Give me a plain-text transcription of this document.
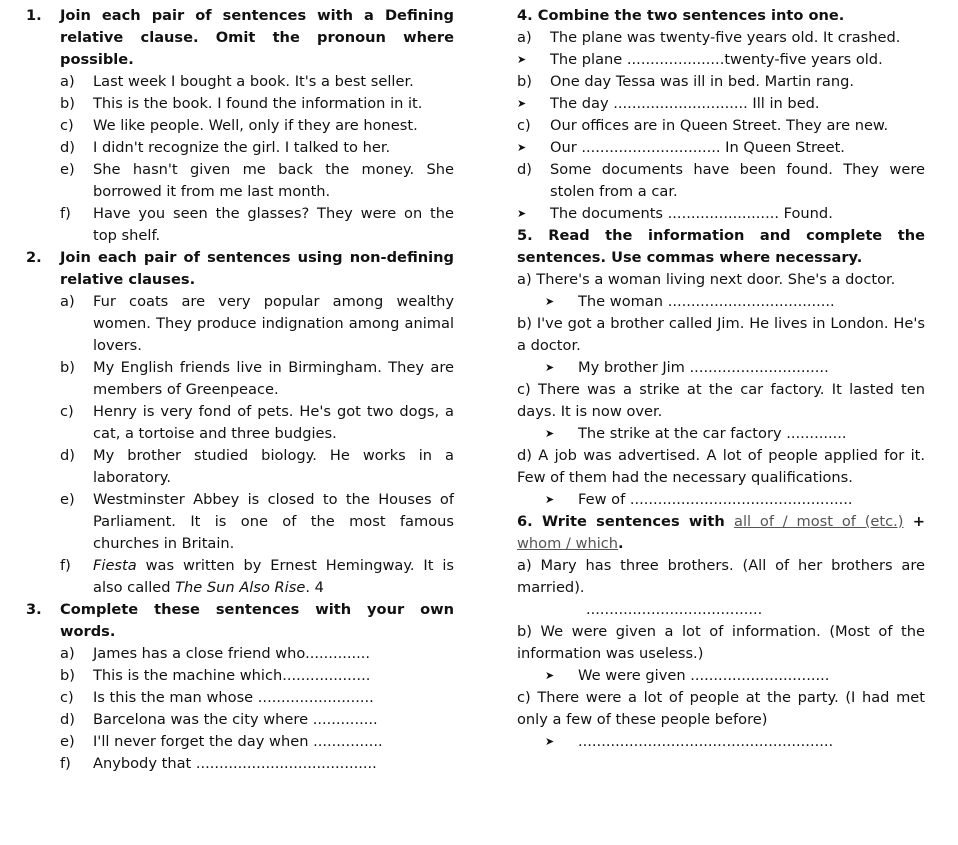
1.	Join each pair of sentences with a Defining relative clause. Omit the pronoun where possible.
a)	Last week I bought a book. It's a best seller.
b)	This is the book. I found the information in it.
c)	We like people. Well, only if they are honest.
d)	I didn't recognize the girl. I talked to her.
e)	She hasn't given me back the money. She borrowed it from me last month.
f)	Have you seen the glasses? They were on the top shelf.
2.	Join each pair of sentences using non-defining relative clauses.
a)	Fur coats are very popular among wealthy women. They produce indignation among animal lovers.
b)	My English friends live in Birmingham. They are members of Greenpeace.
c)	Henry is very fond of pets. He's got two dogs, a cat, a tortoise and three budgies.
d)	My brother studied biology. He works in a laboratory.
e)	Westminster Abbey is closed to the Houses of Parliament. It is one of the most famous churches in Britain.
f)	Fiesta was written by Ernest Hemingway. It is also called The Sun Also Rise. 4
3.	Complete these sentences with your own words.
a)	James has a close friend who..............
b)	This is the machine which...................
c)	Is this the man whose .........................
d)	Barcelona was the city where ..............
e)	I'll never forget the day when ...............
f)	Anybody that .......................................
4. Combine the two sentences into one.
a)	The plane was twenty-five years old. It crashed.
➤	The plane .....................twenty-five years old.
b)	One day Tessa was ill in bed. Martin rang.
➤	The day ............................. Ill in bed.
c)	Our offices are in Queen Street. They are new.
➤	Our .............................. In Queen Street.
d)	Some documents have been found. They were stolen from a car.
➤	The documents ........................ Found.
5. Read the information and complete the sentences. Use commas where necessary.
a) There's a woman living next door. She's a doctor.
➤	The woman ....................................
b) I've got a brother called Jim. He lives in London. He's a doctor.
➤	My brother Jim ..............................
c) There was a strike at the car factory. It lasted ten days. It is now over.
➤	The strike at the car factory .............
d) A job was advertised. A lot of people applied for it. Few of them had the necessary qualifications.
➤	Few of ................................................
6. Write sentences with all of / most of (etc.) + whom / which.
a) Mary has three brothers. (All of her brothers are married).
......................................
b) We were given a lot of information. (Most of the information was useless.)
➤	We were given ..............................
c) There were a lot of people at the party. (I had met only a few of these people before)
➤	.......................................................
